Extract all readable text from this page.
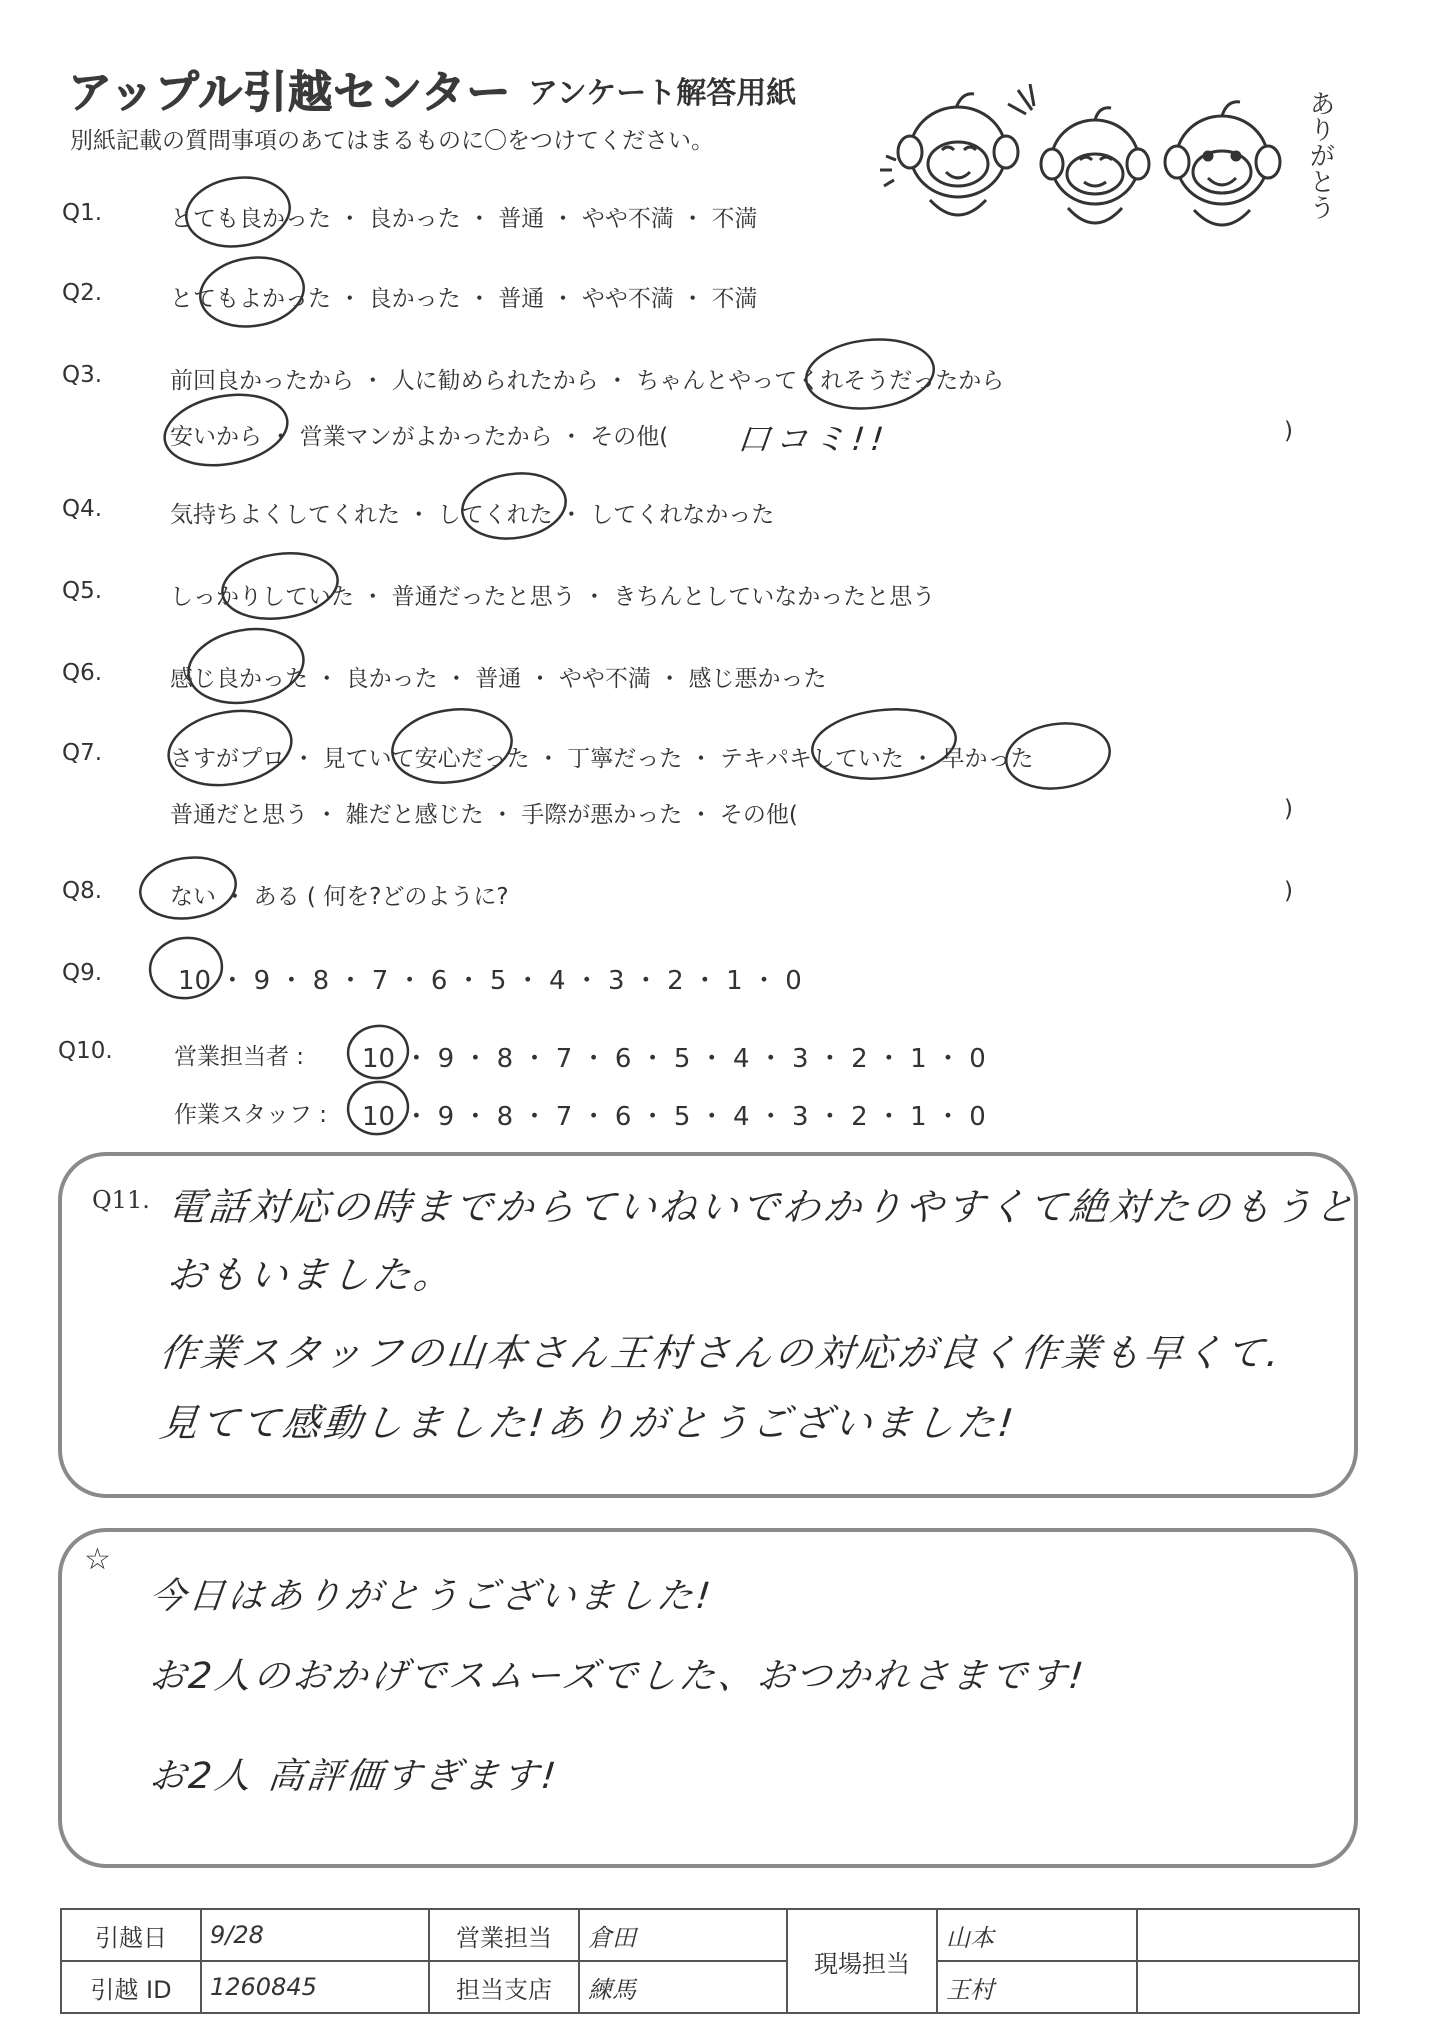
アップル引越センター アンケート解答用紙
別紙記載の質問事項のあてはまるものに〇をつけてください。	ありがとう
Q1.	とても良かった ・ 良かった ・ 普通 ・ やや不満 ・ 不満
Q2.	とてもよかった ・ 良かった ・ 普通 ・ やや不満 ・ 不満
Q3.	前回良かったから ・ 人に勧められたから ・ ちゃんとやってくれそうだったから
安いから ・ 営業マンがよかったから ・ その他( 口コミ!!	)
Q4.	気持ちよくしてくれた ・ してくれた ・ してくれなかった
Q5.	しっかりしていた ・ 普通だったと思う ・ きちんとしていなかったと思う
Q6.	感じ良かった ・ 良かった ・ 普通 ・ やや不満 ・ 感じ悪かった
Q7.	さすがプロ ・ 見ていて安心だった ・ 丁寧だった ・ テキパキしていた ・ 早かった
普通だと思う ・ 雑だと感じた ・ 手際が悪かった ・ その他(	)
Q8.	ない ・ ある ( 何を?どのように?	)
Q9.	10 ・ 9 ・ 8 ・ 7 ・ 6 ・ 5 ・ 4 ・ 3 ・ 2 ・ 1 ・ 0
Q10.	営業担当者 : 10 ・ 9 ・ 8 ・ 7 ・ 6 ・ 5 ・ 4 ・ 3 ・ 2 ・ 1 ・ 0
作業スタッフ : 10 ・ 9 ・ 8 ・ 7 ・ 6 ・ 5 ・ 4 ・ 3 ・ 2 ・ 1 ・ 0
Q11. 電話対応の時までからていねいでわかりやすくて絶対たのもうと
おもいました。
作業スタッフの山本さん王村さんの対応が良く作業も早くて.
見てて感動しました!ありがとうございました!
☆
今日はありがとうございました!
お2人のおかげでスムーズでした、おつかれさまです!
お2人 高評価すぎます!
引越日	9/28	営業担当	倉田	現場担当	山本	
引越 ID	1260845	担当支店	練馬		王村	
